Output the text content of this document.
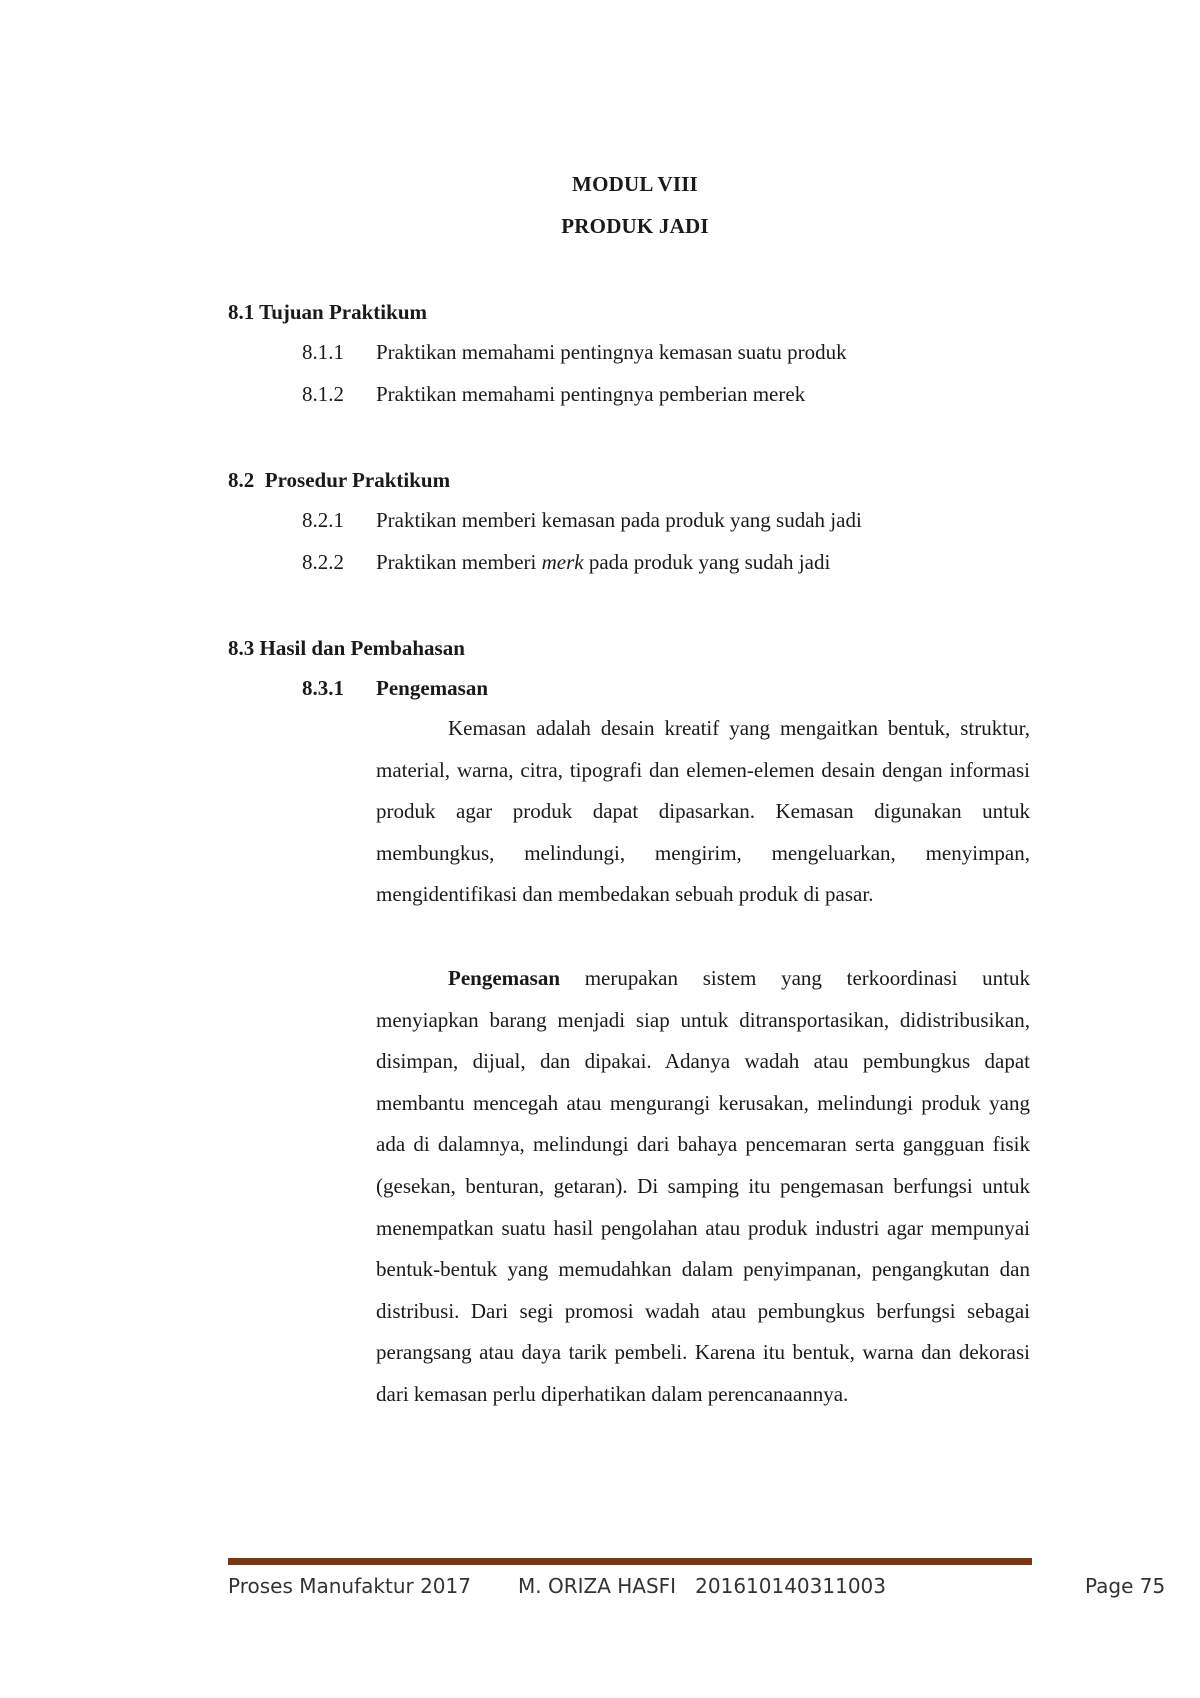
MODUL VIII
PRODUK JADI
8.1 Tujuan Praktikum
8.1.1	Praktikan memahami pentingnya kemasan suatu produk
8.1.2	Praktikan memahami pentingnya pemberian merek
8.2  Prosedur Praktikum
8.2.1	Praktikan memberi kemasan pada produk yang sudah jadi
8.2.2	Praktikan memberi merk pada produk yang sudah jadi
8.3 Hasil dan Pembahasan
8.3.1	Pengemasan

Kemasan adalah desain kreatif yang mengaitkan bentuk, struktur, material, warna, citra, tipografi dan elemen-elemen desain dengan informasi produk agar produk dapat dipasarkan. Kemasan digunakan untuk membungkus, melindungi, mengirim, mengeluarkan, menyimpan, mengidentifikasi dan membedakan sebuah produk di pasar.

Pengemasan merupakan sistem yang terkoordinasi untuk menyiapkan barang menjadi siap untuk ditransportasikan, didistribusikan, disimpan, dijual, dan dipakai. Adanya wadah atau pembungkus dapat membantu mencegah atau mengurangi kerusakan, melindungi produk yang ada di dalamnya, melindungi dari bahaya pencemaran serta gangguan fisik (gesekan, benturan, getaran). Di samping itu pengemasan berfungsi untuk menempatkan suatu hasil pengolahan atau produk industri agar mempunyai bentuk-bentuk yang memudahkan dalam penyimpanan, pengangkutan dan distribusi. Dari segi promosi wadah atau pembungkus berfungsi sebagai perangsang atau daya tarik pembeli. Karena itu bentuk, warna dan dekorasi dari kemasan perlu diperhatikan dalam perencanaannya.

Proses Manufaktur 2017 M. ORIZA HASFI   201610140311003	Page 75
